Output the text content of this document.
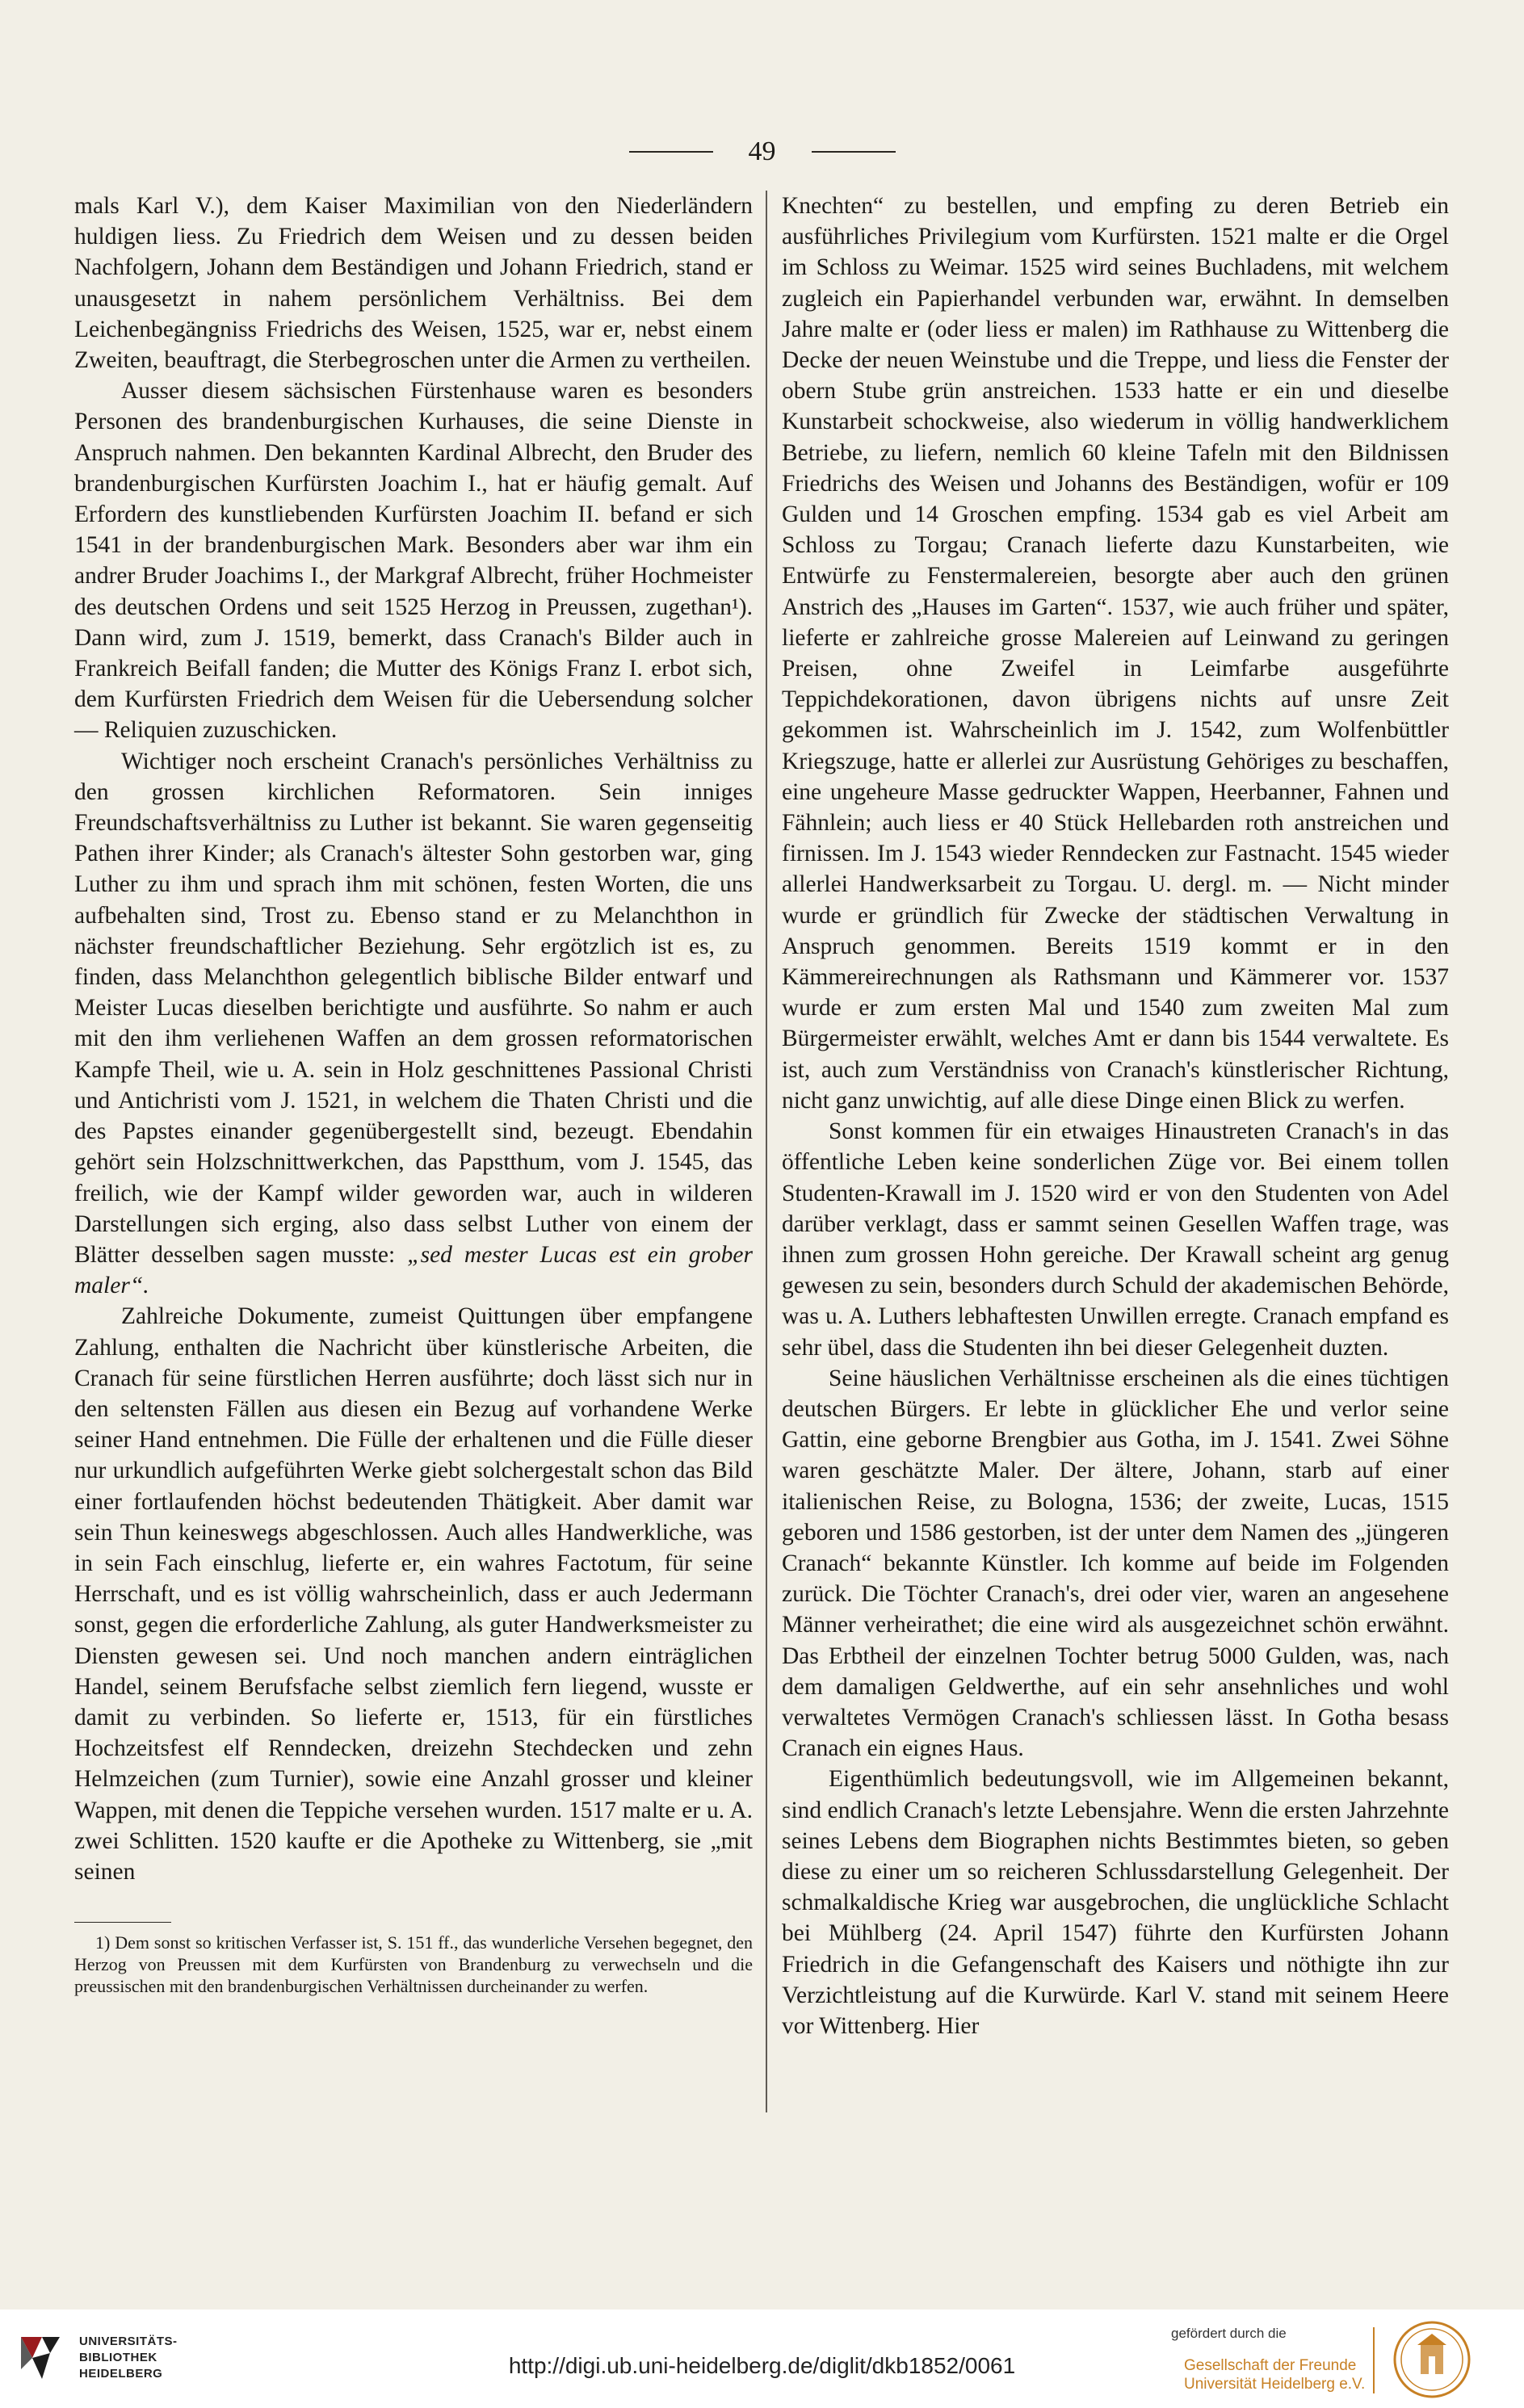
49

mals Karl V.), dem Kaiser Maximilian von den Niederländern huldigen liess. Zu Friedrich dem Weisen und zu dessen beiden Nachfolgern, Johann dem Beständigen und Johann Friedrich, stand er unausgesetzt in nahem persönlichem Verhältniss. Bei dem Leichenbegängniss Friedrichs des Weisen, 1525, war er, nebst einem Zweiten, beauftragt, die Sterbegroschen unter die Armen zu vertheilen.

Ausser diesem sächsischen Fürstenhause waren es besonders Personen des brandenburgischen Kurhauses, die seine Dienste in Anspruch nahmen. Den bekannten Kardinal Albrecht, den Bruder des brandenburgischen Kurfürsten Joachim I., hat er häufig gemalt. Auf Erfordern des kunstliebenden Kurfürsten Joachim II. befand er sich 1541 in der brandenburgischen Mark. Besonders aber war ihm ein andrer Bruder Joachims I., der Markgraf Albrecht, früher Hochmeister des deutschen Ordens und seit 1525 Herzog in Preussen, zugethan¹). Dann wird, zum J. 1519, bemerkt, dass Cranach's Bilder auch in Frankreich Beifall fanden; die Mutter des Königs Franz I. erbot sich, dem Kurfürsten Friedrich dem Weisen für die Uebersendung solcher — Reliquien zuzuschicken.

Wichtiger noch erscheint Cranach's persönliches Verhältniss zu den grossen kirchlichen Reformatoren. Sein inniges Freundschaftsverhältniss zu Luther ist bekannt. Sie waren gegenseitig Pathen ihrer Kinder; als Cranach's ältester Sohn gestorben war, ging Luther zu ihm und sprach ihm mit schönen, festen Worten, die uns aufbehalten sind, Trost zu. Ebenso stand er zu Melanchthon in nächster freundschaftlicher Beziehung. Sehr ergötzlich ist es, zu finden, dass Melanchthon gelegentlich biblische Bilder entwarf und Meister Lucas dieselben berichtigte und ausführte. So nahm er auch mit den ihm verliehenen Waffen an dem grossen reformatorischen Kampfe Theil, wie u. A. sein in Holz geschnittenes Passional Christi und Antichristi vom J. 1521, in welchem die Thaten Christi und die des Papstes einander gegenübergestellt sind, bezeugt. Ebendahin gehört sein Holzschnittwerkchen, das Papstthum, vom J. 1545, das freilich, wie der Kampf wilder geworden war, auch in wilderen Darstellungen sich erging, also dass selbst Luther von einem der Blätter desselben sagen musste: „sed mester Lucas est ein grober maler“.

Zahlreiche Dokumente, zumeist Quittungen über empfangene Zahlung, enthalten die Nachricht über künstlerische Arbeiten, die Cranach für seine fürstlichen Herren ausführte; doch lässt sich nur in den seltensten Fällen aus diesen ein Bezug auf vorhandene Werke seiner Hand entnehmen. Die Fülle der erhaltenen und die Fülle dieser nur urkundlich aufgeführten Werke giebt solchergestalt schon das Bild einer fortlaufenden höchst bedeutenden Thätigkeit. Aber damit war sein Thun keineswegs abgeschlossen. Auch alles Handwerkliche, was in sein Fach einschlug, lieferte er, ein wahres Factotum, für seine Herrschaft, und es ist völlig wahrscheinlich, dass er auch Jedermann sonst, gegen die erforderliche Zahlung, als guter Handwerksmeister zu Diensten gewesen sei. Und noch manchen andern einträglichen Handel, seinem Berufsfache selbst ziemlich fern liegend, wusste er damit zu verbinden. So lieferte er, 1513, für ein fürstliches Hochzeitsfest elf Renndecken, dreizehn Stechdecken und zehn Helmzeichen (zum Turnier), sowie eine Anzahl grosser und kleiner Wappen, mit denen die Teppiche versehen wurden. 1517 malte er u. A. zwei Schlitten. 1520 kaufte er die Apotheke zu Wittenberg, sie „mit seinen

1) Dem sonst so kritischen Verfasser ist, S. 151 ff., das wunderliche Versehen begegnet, den Herzog von Preussen mit dem Kurfürsten von Brandenburg zu verwechseln und die preussischen mit den brandenburgischen Verhältnissen durcheinander zu werfen.

Knechten“ zu bestellen, und empfing zu deren Betrieb ein ausführliches Privilegium vom Kurfürsten. 1521 malte er die Orgel im Schloss zu Weimar. 1525 wird seines Buchladens, mit welchem zugleich ein Papierhandel verbunden war, erwähnt. In demselben Jahre malte er (oder liess er malen) im Rathhause zu Wittenberg die Decke der neuen Weinstube und die Treppe, und liess die Fenster der obern Stube grün anstreichen. 1533 hatte er ein und dieselbe Kunstarbeit schockweise, also wiederum in völlig handwerklichem Betriebe, zu liefern, nemlich 60 kleine Tafeln mit den Bildnissen Friedrichs des Weisen und Johanns des Beständigen, wofür er 109 Gulden und 14 Groschen empfing. 1534 gab es viel Arbeit am Schloss zu Torgau; Cranach lieferte dazu Kunstarbeiten, wie Entwürfe zu Fenstermalereien, besorgte aber auch den grünen Anstrich des „Hauses im Garten“. 1537, wie auch früher und später, lieferte er zahlreiche grosse Malereien auf Leinwand zu geringen Preisen, ohne Zweifel in Leimfarbe ausgeführte Teppichdekorationen, davon übrigens nichts auf unsre Zeit gekommen ist. Wahrscheinlich im J. 1542, zum Wolfenbüttler Kriegszuge, hatte er allerlei zur Ausrüstung Gehöriges zu beschaffen, eine ungeheure Masse gedruckter Wappen, Heerbanner, Fahnen und Fähnlein; auch liess er 40 Stück Hellebarden roth anstreichen und firnissen. Im J. 1543 wieder Renndecken zur Fastnacht. 1545 wieder allerlei Handwerksarbeit zu Torgau. U. dergl. m. — Nicht minder wurde er gründlich für Zwecke der städtischen Verwaltung in Anspruch genommen. Bereits 1519 kommt er in den Kämmereirechnungen als Rathsmann und Kämmerer vor. 1537 wurde er zum ersten Mal und 1540 zum zweiten Mal zum Bürgermeister erwählt, welches Amt er dann bis 1544 verwaltete. Es ist, auch zum Verständniss von Cranach's künstlerischer Richtung, nicht ganz unwichtig, auf alle diese Dinge einen Blick zu werfen.

Sonst kommen für ein etwaiges Hinaustreten Cranach's in das öffentliche Leben keine sonderlichen Züge vor. Bei einem tollen Studenten-Krawall im J. 1520 wird er von den Studenten von Adel darüber verklagt, dass er sammt seinen Gesellen Waffen trage, was ihnen zum grossen Hohn gereiche. Der Krawall scheint arg genug gewesen zu sein, besonders durch Schuld der akademischen Behörde, was u. A. Luthers lebhaftesten Unwillen erregte. Cranach empfand es sehr übel, dass die Studenten ihn bei dieser Gelegenheit duzten.

Seine häuslichen Verhältnisse erscheinen als die eines tüchtigen deutschen Bürgers. Er lebte in glücklicher Ehe und verlor seine Gattin, eine geborne Brengbier aus Gotha, im J. 1541. Zwei Söhne waren geschätzte Maler. Der ältere, Johann, starb auf einer italienischen Reise, zu Bologna, 1536; der zweite, Lucas, 1515 geboren und 1586 gestorben, ist der unter dem Namen des „jüngeren Cranach“ bekannte Künstler. Ich komme auf beide im Folgenden zurück. Die Töchter Cranach's, drei oder vier, waren an angesehene Männer verheirathet; die eine wird als ausgezeichnet schön erwähnt. Das Erbtheil der einzelnen Tochter betrug 5000 Gulden, was, nach dem damaligen Geldwerthe, auf ein sehr ansehnliches und wohl verwaltetes Vermögen Cranach's schliessen lässt. In Gotha besass Cranach ein eignes Haus.

Eigenthümlich bedeutungsvoll, wie im Allgemeinen bekannt, sind endlich Cranach's letzte Lebensjahre. Wenn die ersten Jahrzehnte seines Lebens dem Biographen nichts Bestimmtes bieten, so geben diese zu einer um so reicheren Schlussdarstellung Gelegenheit. Der schmalkaldische Krieg war ausgebrochen, die unglückliche Schlacht bei Mühlberg (24. April 1547) führte den Kurfürsten Johann Friedrich in die Gefangenschaft des Kaisers und nöthigte ihn zur Verzichtleistung auf die Kurwürde. Karl V. stand mit seinem Heere vor Wittenberg. Hier

UNIVERSITÄTS-
BIBLIOTHEK
HEIDELBERG	http://digi.ub.uni-heidelberg.de/diglit/dkb1852/0061
gefördert durch die
Gesellschaft der Freunde
Universität Heidelberg e.V.
